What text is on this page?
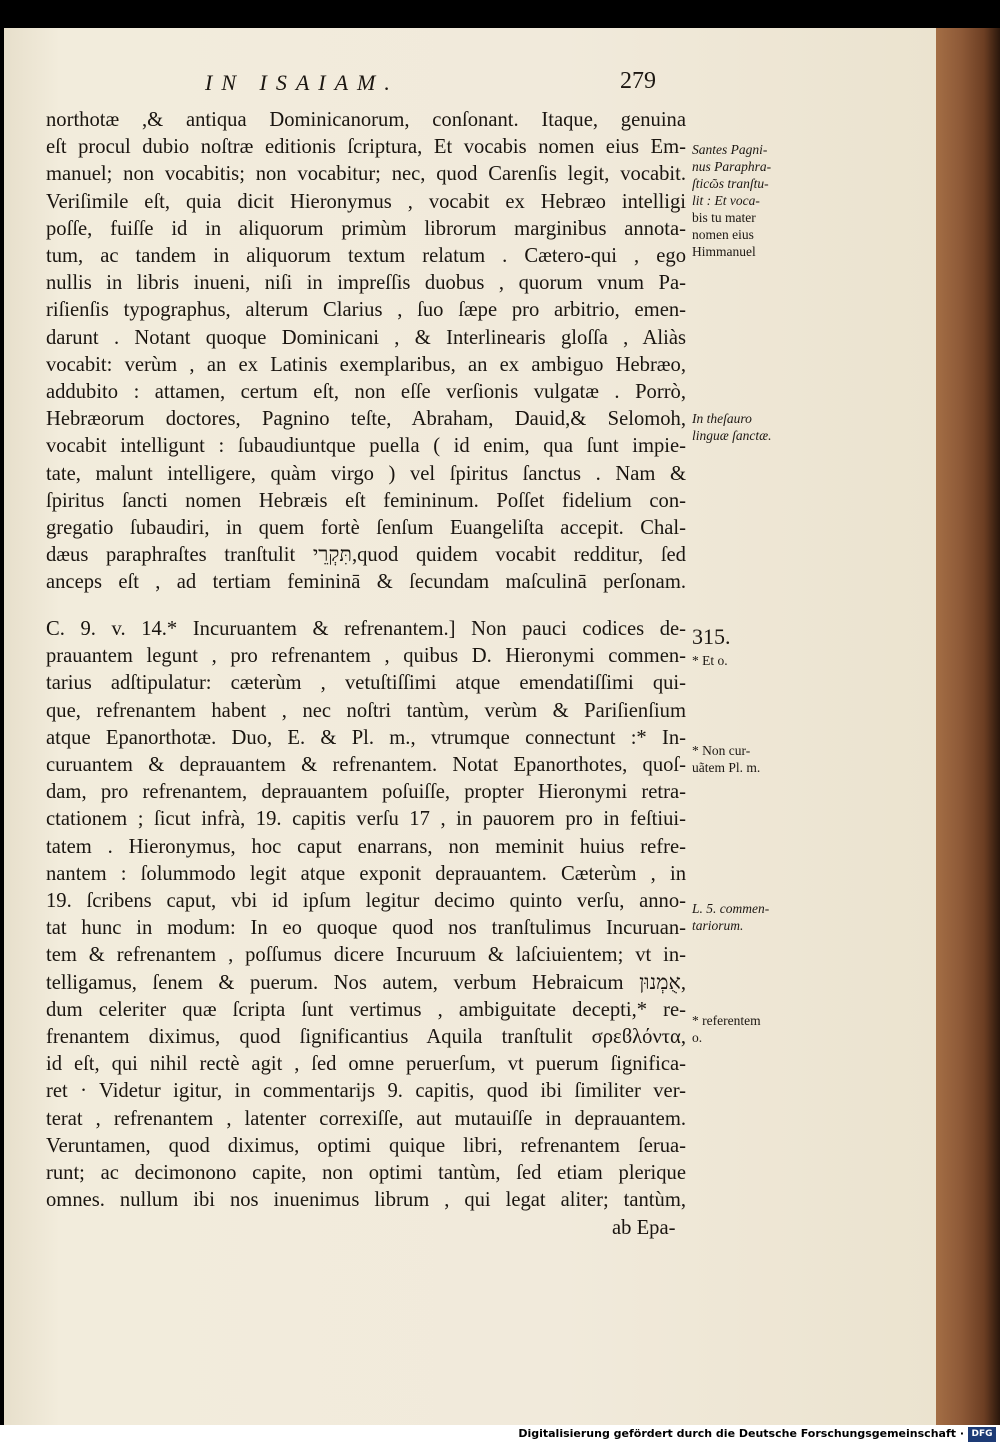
IN ISAIAM.	279
northotæ ,& antiqua Dominicanorum, conſonant. Itaque, genuina
eſt procul dubio noſtræ editionis ſcriptura, Et vocabis nomen eius Em-
manuel; non vocabitis; non vocabitur; nec, quod Carenſis legit, vocabit.
Veriſimile eſt, quia dicit Hieronymus , vocabit ex Hebræo intelligi
poſſe, fuiſſe id in aliquorum primùm librorum marginibus annota-
tum, ac tandem in aliquorum textum relatum . Cætero-qui , ego
nullis in libris inueni, niſi in impreſſis duobus , quorum vnum Pa-
riſienſis typographus, alterum Clarius , ſuo ſæpe pro arbitrio, emen-
darunt . Notant quoque Dominicani , & Interlinearis gloſſa , Aliàs
vocabit: verùm , an ex Latinis exemplaribus, an ex ambiguo Hebræo,
addubito : attamen, certum eſt, non eſſe verſionis vulgatæ . Porrò,
Hebræorum doctores, Pagnino teſte, Abraham, Dauid,& Selomoh,
vocabit intelligunt : ſubaudiuntque puella ( id enim, qua ſunt impie-
tate, malunt intelligere, quàm virgo ) vel ſpiritus ſanctus . Nam &
ſpiritus ſancti nomen Hebræis eſt femininum. Poſſet fidelium con-
gregatio ſubaudiri, in quem fortè ſenſum Euangeliſta accepit. Chal-
dæus paraphraſtes tranſtulit תִּקְרֵי,quod quidem vocabit redditur, ſed
anceps eſt , ad tertiam femininā & ſecundam maſculinā perſonam.
C. 9. v. 14.* Incuruantem & refrenantem.] Non pauci codices de-
prauantem legunt , pro refrenantem , quibus D. Hieronymi commen-
tarius adſtipulatur: cæterùm , vetuſtiſſimi atque emendatiſſimi qui-
que, refrenantem habent , nec noſtri tantùm, verùm & Pariſienſium
atque Epanorthotæ. Duo, E. & Pl. m., vtrumque connectunt :* In-
curuantem & deprauantem & refrenantem. Notat Epanorthotes, quoſ-
dam, pro refrenantem, deprauantem poſuiſſe, propter Hieronymi retra-
ctationem ; ſicut infrà, 19. capitis verſu 17 , in pauorem pro in feſtiui-
tatem . Hieronymus, hoc caput enarrans, non meminit huius refre-
nantem : ſolummodo legit atque exponit deprauantem. Cæterùm , in
19. ſcribens caput, vbi id ipſum legitur decimo quinto verſu, anno-
tat hunc in modum: In eo quoque quod nos tranſtulimus Incuruan-
tem & refrenantem , poſſumus dicere Incuruum & laſciuientem; vt in-
telligamus, ſenem & puerum. Nos autem, verbum Hebraicum אֻמְנוּן,
dum celeriter quæ ſcripta ſunt vertimus , ambiguitate decepti,* re-
frenantem diximus, quod ſignificantius Aquila tranſtulit σρεϐλόντα,
id eſt, qui nihil rectè agit , ſed omne peruerſum, vt puerum ſignifica-
ret · Videtur igitur, in commentarijs 9. capitis, quod ibi ſimiliter ver-
terat , refrenantem , latenter correxiſſe, aut mutauiſſe in deprauantem.
Veruntamen, quod diximus, optimi quique libri, refrenantem ſerua-
runt; ac decimonono capite, non optimi tantùm, ſed etiam plerique
omnes. nullum ibi nos inuenimus librum , qui legat aliter; tantùm,
ab Epa-
Santes Pagni-
nus Paraphra-
ſticῶs tranſtu-
lit : Et voca-
bis tu mater
nomen eius
Himmanuel
In theſauro
linguæ ſanctæ.
315.
* Et o.
* Non cur-
uãtem Pl. m.
L. 5. commen-
tariorum.
* referentem
o.
Digitalisierung gefördert durch die Deutsche Forschungsgemeinschaft · DFG
